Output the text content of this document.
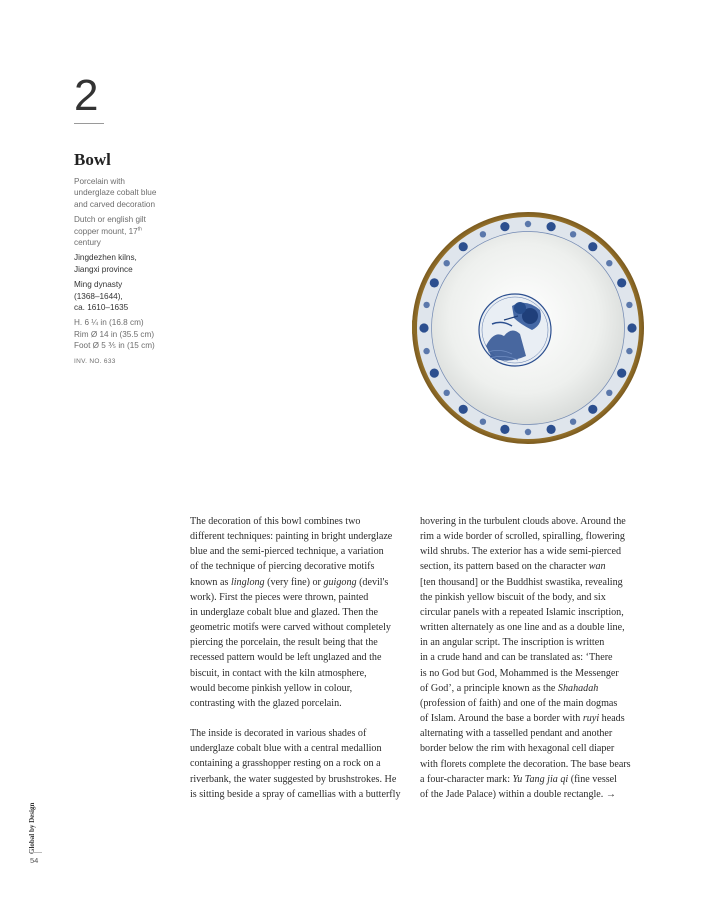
2
Bowl
Porcelain with
underglaze cobalt blue
and carved decoration
Dutch or english gilt
copper mount, 17th
century
Jingdezhen kilns,
Jiangxi province
Ming dynasty
(1368–1644),
ca. 1610–1635
H. 6 ¼ in (16.8 cm)
Rim Ø 14 in (35.5 cm)
Foot Ø 5 ⅗ in (15 cm)
INV. NO. 633

The decoration of this bowl combines two
different techniques: painting in bright underglaze
blue and the semi-pierced technique, a variation
of the technique of piercing decorative motifs
known as linglong (very fine) or guigong (devil's
work). First the pieces were thrown, painted
in underglaze cobalt blue and glazed. Then the
geometric motifs were carved without completely
piercing the porcelain, the result being that the
recessed pattern would be left unglazed and the
biscuit, in contact with the kiln atmosphere,
would become pinkish yellow in colour,
contrasting with the glazed porcelain.

The inside is decorated in various shades of
underglaze cobalt blue with a central medallion
containing a grasshopper resting on a rock on a
riverbank, the water suggested by brushstrokes. He
is sitting beside a spray of camellias with a butterfly

hovering in the turbulent clouds above. Around the
rim a wide border of scrolled, spiralling, flowering
wild shrubs. The exterior has a wide semi-pierced
section, its pattern based on the character wan
[ten thousand] or the Buddhist swastika, revealing
the pinkish yellow biscuit of the body, and six
circular panels with a repeated Islamic inscription,
written alternately as one line and as a double line,
in an angular script. The inscription is written
in a crude hand and can be translated as: ‘There
is no God but God, Mohammed is the Messenger
of God’, a principle known as the Shahadah
(profession of faith) and one of the main dogmas
of Islam. Around the base a border with ruyi heads
alternating with a tasselled pendant and another
border below the rim with hexagonal cell diaper
with florets complete the decoration. The base bears
a four-character mark: Yu Tang jia qi (fine vessel
of the Jade Palace) within a double rectangle. →

Global by Design
54
